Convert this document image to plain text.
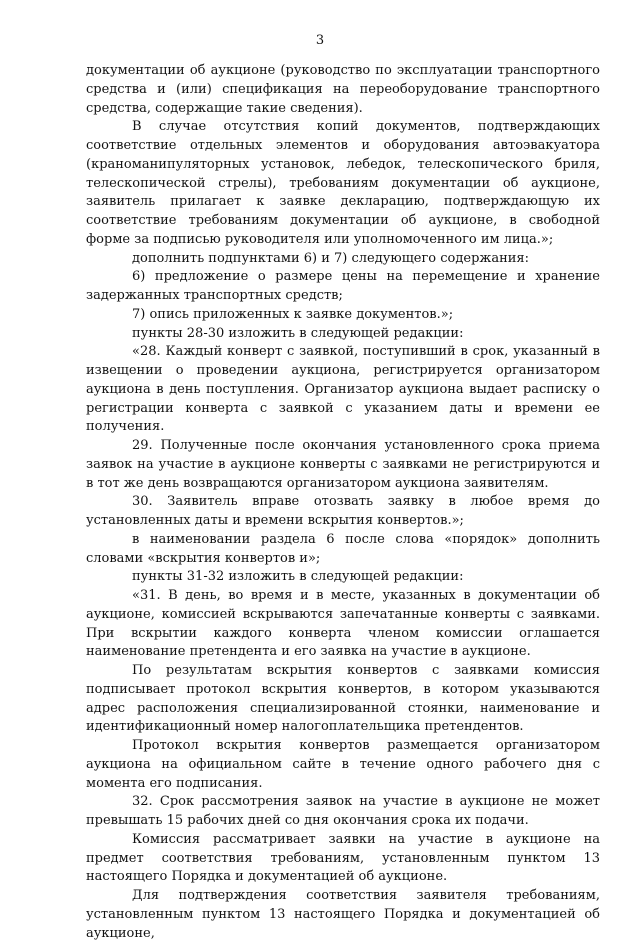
3

документации об аукционе (руководство по эксплуатации транспортного средства и (или) спецификация на переоборудование транспортного средства, содержащие такие сведения).

В случае отсутствия копий документов, подтверждающих соответствие отдельных элементов и оборудования автоэвакуатора (краноманипуляторных установок, лебедок, телескопического бриля, телескопической стрелы), требованиям документации об аукционе, заявитель прилагает к заявке декларацию, подтверждающую их соответствие требованиям документации об аукционе, в свободной форме за подписью руководителя или уполномоченного им лица.»;

дополнить подпунктами 6) и 7) следующего содержания:

6) предложение о размере цены на перемещение и хранение задержанных транспортных средств;

7) опись приложенных к заявке документов.»;

пункты 28-30 изложить в следующей редакции:

«28. Каждый конверт с заявкой, поступивший в срок, указанный в извещении о проведении аукциона, регистрируется организатором аукциона в день поступления. Организатор аукциона выдает расписку о регистрации конверта с заявкой с указанием даты и времени ее получения.

29. Полученные после окончания установленного срока приема заявок на участие в аукционе конверты с заявками не регистрируются и в тот же день возвращаются организатором аукциона заявителям.

30. Заявитель вправе отозвать заявку в любое время до установленных даты и времени вскрытия конвертов.»;

в наименовании раздела 6 после слова «порядок» дополнить словами «вскрытия конвертов и»;

пункты 31-32 изложить в следующей редакции:

«31. В день, во время и в месте, указанных в документации об аукционе, комиссией вскрываются запечатанные конверты с заявками. При вскрытии каждого конверта членом комиссии оглашается наименование претендента и его заявка на участие в аукционе.

По результатам вскрытия конвертов с заявками комиссия подписывает протокол вскрытия конвертов, в котором указываются адрес расположения специализированной стоянки, наименование и идентификационный номер налогоплательщика претендентов.

Протокол вскрытия конвертов размещается организатором аукциона на официальном сайте в течение одного рабочего дня с момента его подписания.

32. Срок рассмотрения заявок на участие в аукционе не может превышать 15 рабочих дней со дня окончания срока их подачи.

Комиссия рассматривает заявки на участие в аукционе на предмет соответствия требованиям, установленным пунктом 13 настоящего Порядка и документацией об аукционе.

Для подтверждения соответствия заявителя требованиям, установленным пунктом 13 настоящего Порядка и документацией об аукционе,
